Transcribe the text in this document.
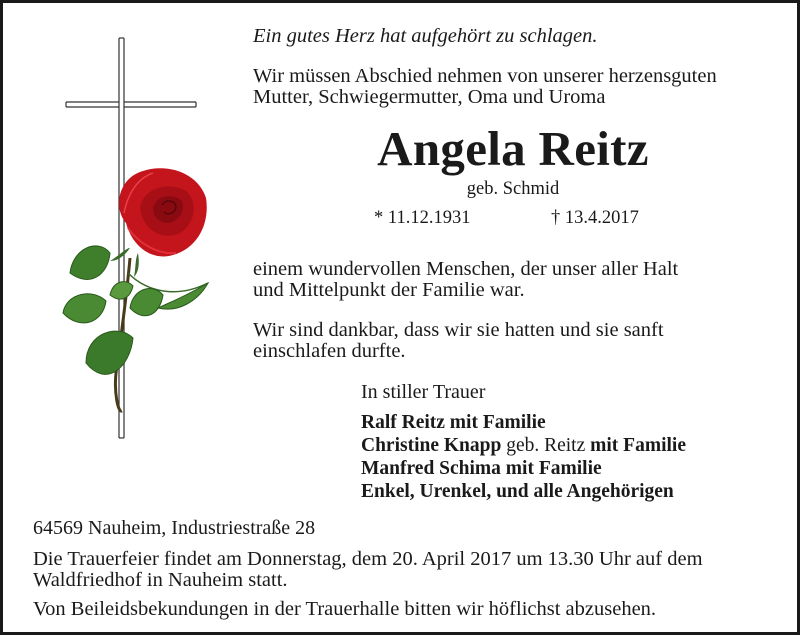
Ein gutes Herz hat aufgehört zu schlagen.
Wir müssen Abschied nehmen von unserer herzensguten
Mutter, Schwiegermutter, Oma und Uroma
Angela Reitz
geb. Schmid
* 11.12.1931	† 13.4.2017
einem wundervollen Menschen, der unser aller Halt
und Mittelpunkt der Familie war.
Wir sind dankbar, dass wir sie hatten und sie sanft
einschlafen durfte.
In stiller Trauer
Ralf Reitz mit Familie
Christine Knapp geb. Reitz mit Familie
Manfred Schima mit Familie
Enkel, Urenkel, und alle Angehörigen
64569 Nauheim, Industriestraße 28
Die Trauerfeier findet am Donnerstag, dem 20. April 2017 um 13.30 Uhr auf dem
Waldfriedhof in Nauheim statt.
Von Beileidsbekundungen in der Trauerhalle bitten wir höflichst abzusehen.
